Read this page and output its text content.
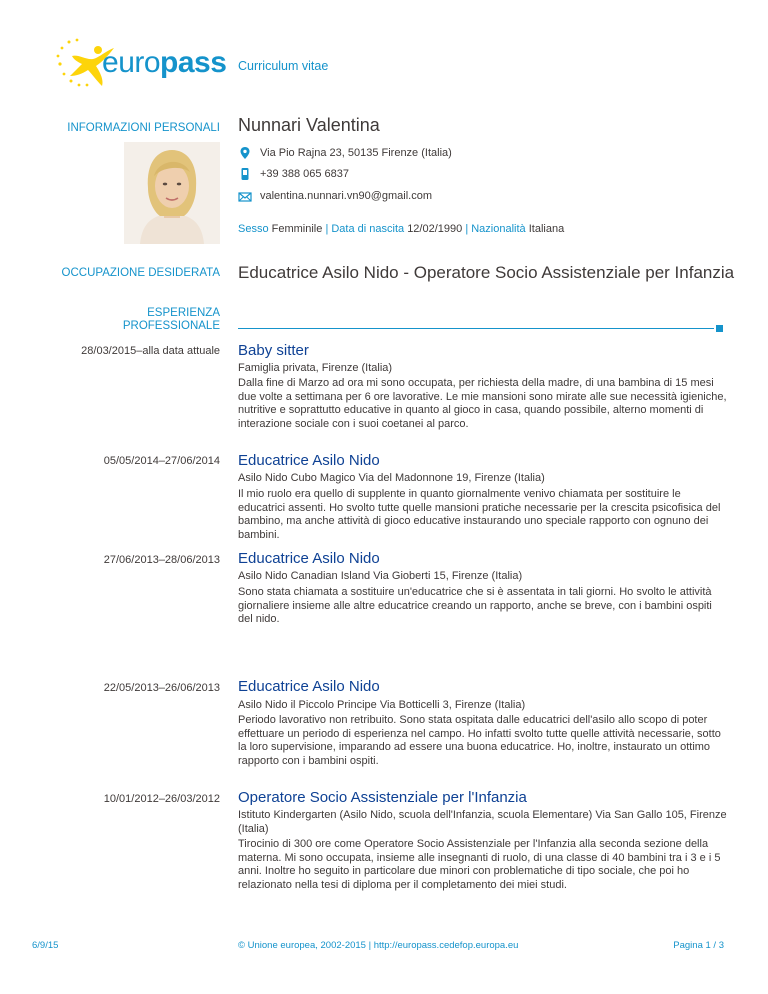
europass Curriculum vitae
INFORMAZIONI PERSONALI Nunnari Valentina
Via Pio Rajna 23, 50135 Firenze (Italia)
+39 388 065 6837
valentina.nunnari.vn90@gmail.com
Sesso Femminile | Data di nascita 12/02/1990 | Nazionalità Italiana
OCCUPAZIONE DESIDERATA Educatrice Asilo Nido - Operatore Socio Assistenziale per Infanzia
ESPERIENZA
PROFESSIONALE
28/03/2015–alla data attuale Baby sitter
Famiglia privata, Firenze (Italia)
Dalla fine di Marzo ad ora mi sono occupata, per richiesta della madre, di una bambina di 15 mesi due volte a settimana per 6 ore lavorative. Le mie mansioni sono mirate alle sue necessità igieniche, nutritive e soprattutto educative in quanto al gioco in casa, quando possibile, alterno momenti di interazione sociale con i suoi coetanei al parco.
05/05/2014–27/06/2014 Educatrice Asilo Nido
Asilo Nido Cubo Magico Via del Madonnone 19, Firenze (Italia)
Il mio ruolo era quello di supplente in quanto giornalmente venivo chiamata per sostituire le educatrici assenti. Ho svolto tutte quelle mansioni pratiche necessarie per la crescita psicofisica del bambino, ma anche attività di gioco educative instaurando uno speciale rapporto con ognuno dei bambini.
27/06/2013–28/06/2013 Educatrice Asilo Nido
Asilo Nido Canadian Island Via Gioberti 15, Firenze (Italia)
Sono stata chiamata a sostituire un'educatrice che si è assentata in tali giorni. Ho svolto le attività giornaliere insieme alle altre educatrice creando un rapporto, anche se breve, con i bambini ospiti del nido.
22/05/2013–26/06/2013 Educatrice Asilo Nido
Asilo Nido il Piccolo Principe Via Botticelli 3, Firenze (Italia)
Periodo lavorativo non retribuito. Sono stata ospitata dalle educatrici dell'asilo allo scopo di poter effettuare un periodo di esperienza nel campo. Ho infatti svolto tutte quelle attività necessarie, sotto la loro supervisione, imparando ad essere una buona educatrice. Ho, inoltre, instaurato un ottimo rapporto con i bambini ospiti.
10/01/2012–26/03/2012 Operatore Socio Assistenziale per l'Infanzia
Istituto Kindergarten (Asilo Nido, scuola dell'Infanzia, scuola Elementare) Via San Gallo 105, Firenze (Italia)
Tirocinio di 300 ore come Operatore Socio Assistenziale per l'Infanzia alla seconda sezione della materna. Mi sono occupata, insieme alle insegnanti di ruolo, di una classe di 40 bambini tra i 3 e i 5 anni. Inoltre ho seguito in particolare due minori con problematiche di tipo sociale, che poi ho relazionato nella tesi di diploma per il completamento dei miei studi.
6/9/15	© Unione europea, 2002-2015 | http://europass.cedefop.europa.eu	Pagina 1 / 3
